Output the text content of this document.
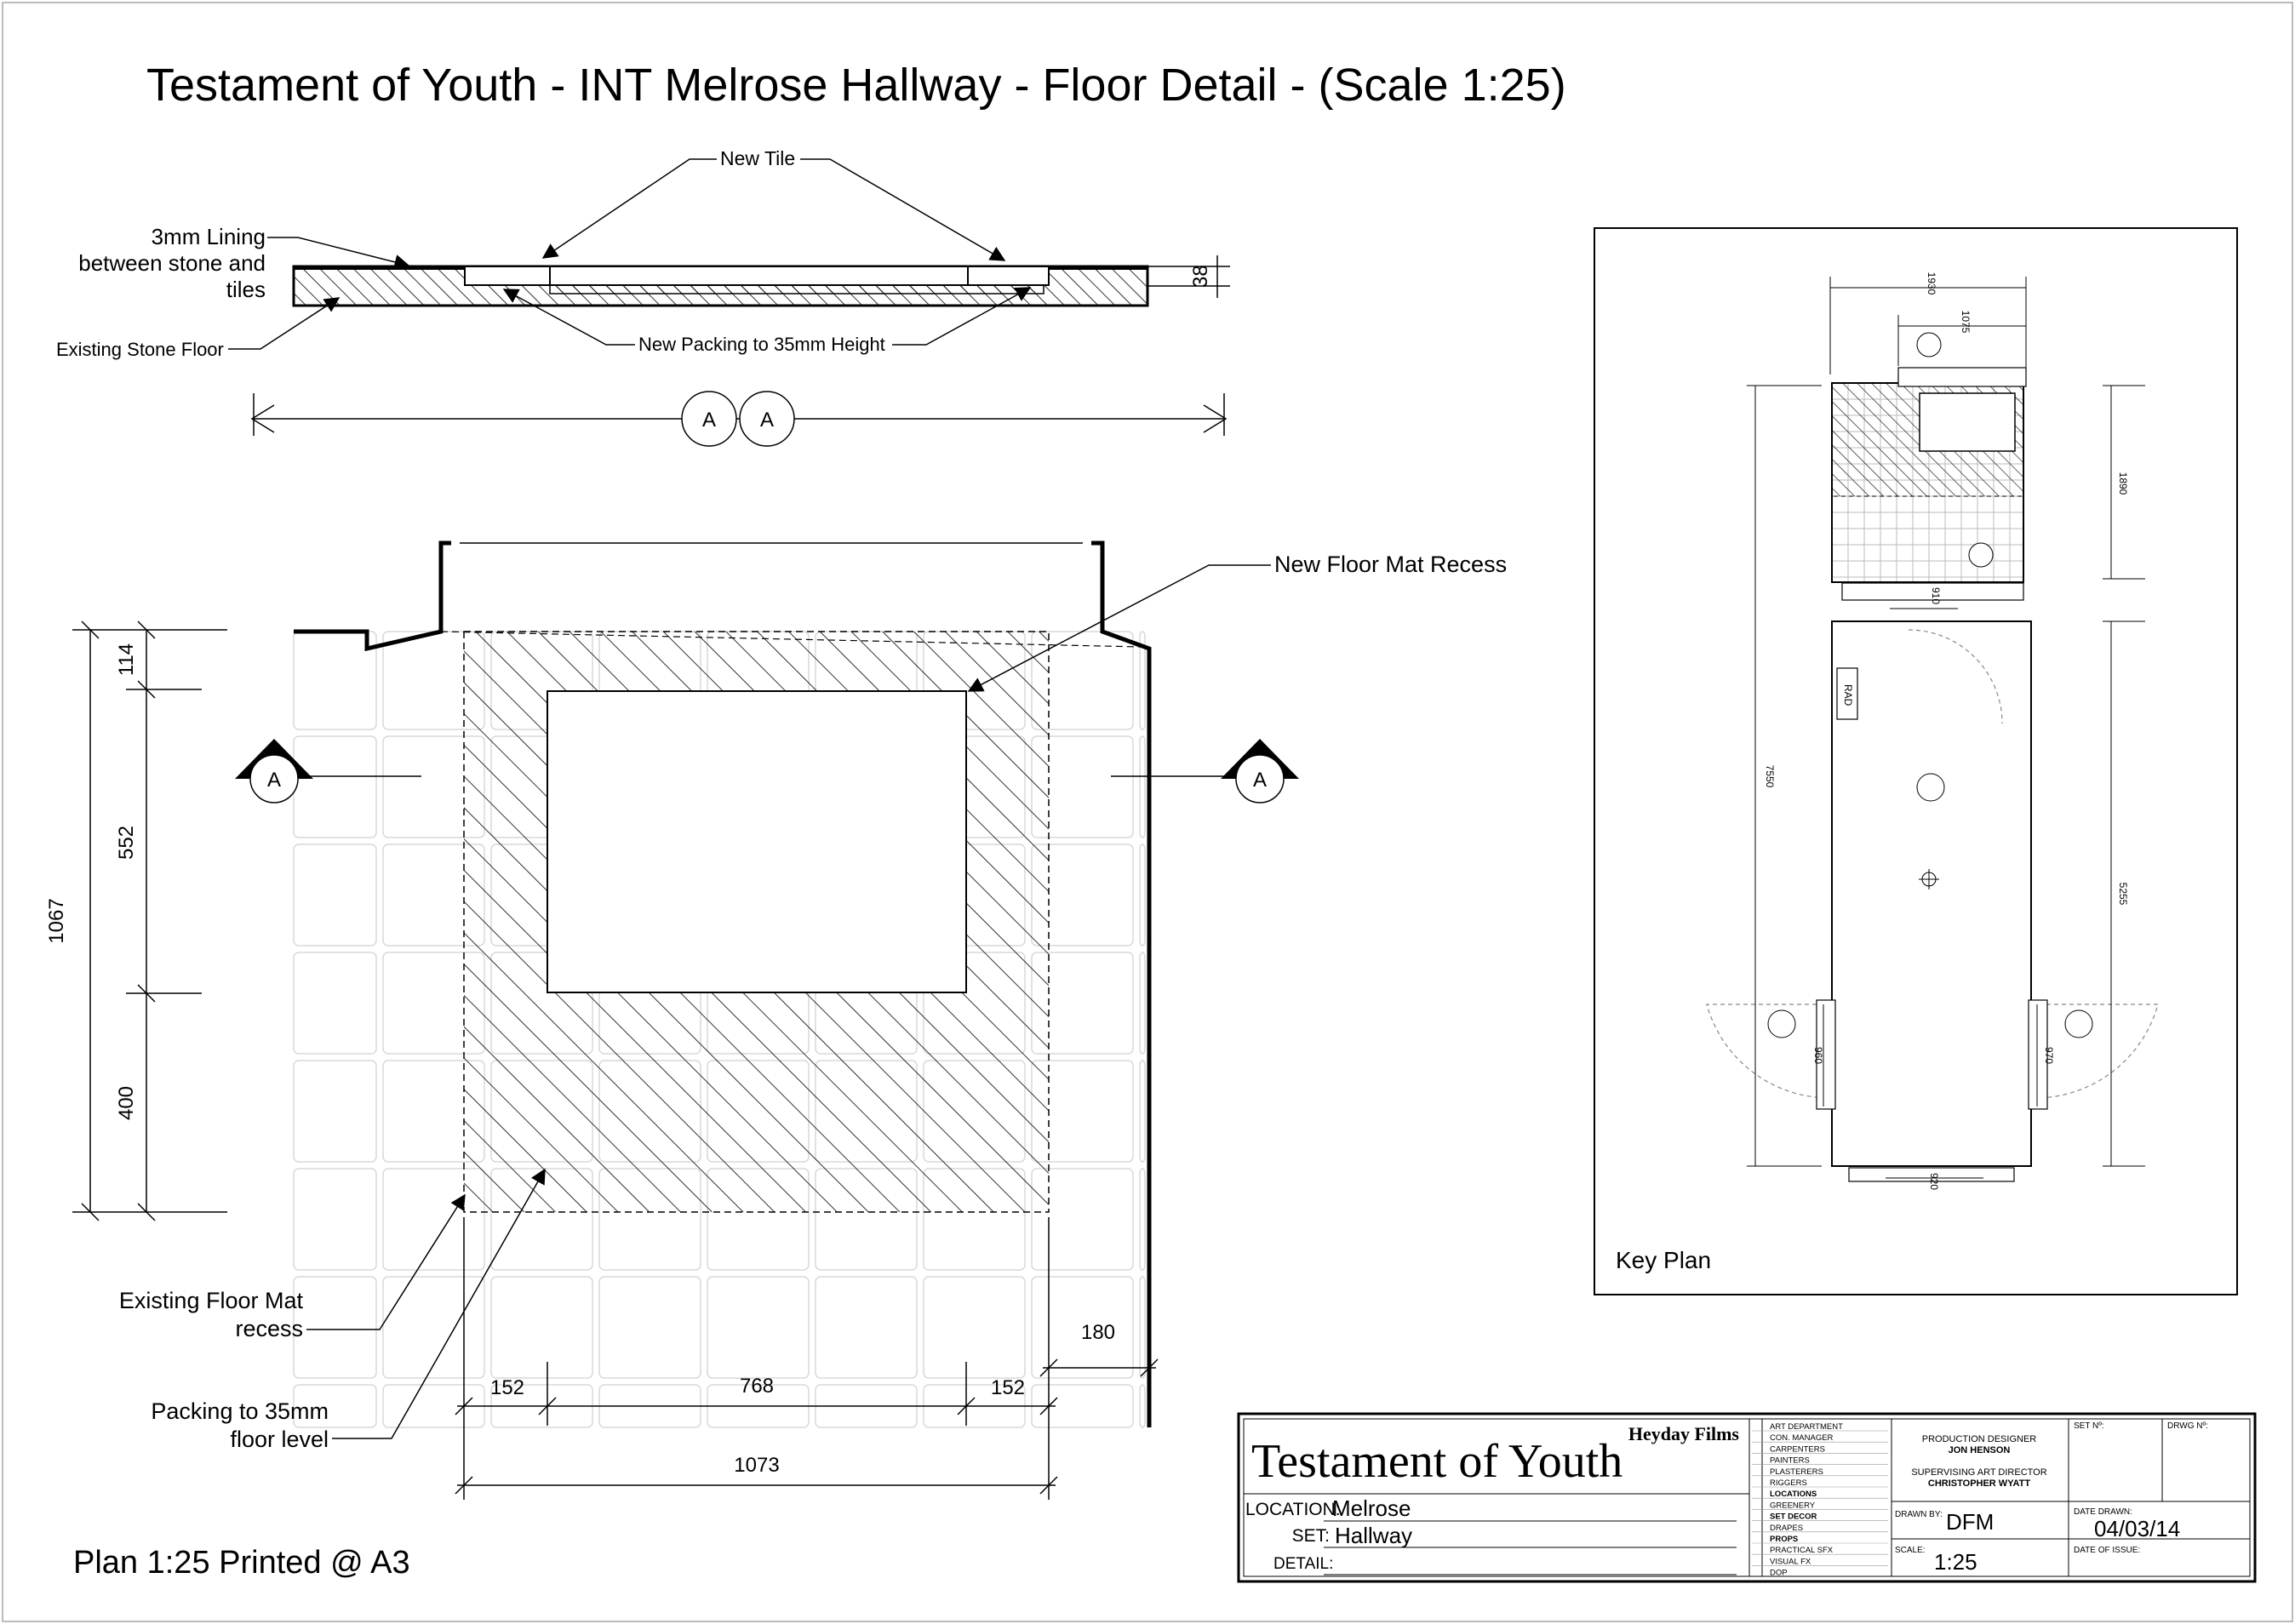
Testament of Youth - INT Melrose Hallway - Floor Detail - (Scale 1:25)
38
New Tile
3mm Lining
between stone and
tiles
Existing Stone Floor	New Packing to 35mm Height
A A
A	A
New Floor Mat Recess
Existing Floor Mat
recess
Packing to 35mm
floor level
1067
114
552
400
152	768	152
1073
180
Plan 1:25 Printed @ A3
Key Plan
RAD
1930
1075
1890
7550
5255
960	970
920
910
Heyday Films
Testament of Youth
LOCATION:
Melrose
SET: Hallway
DETAIL:
ART DEPARTMENT
CON. MANAGER
CARPENTERS
PAINTERS
PLASTERERS
RIGGERS
LOCATIONS
GREENERY
SET DECOR
DRAPES
PROPS
PRACTICAL SFX
VISUAL FX
DOP
PRODUCTION DESIGNER
JON HENSON
SUPERVISING ART DIRECTOR
CHRISTOPHER WYATT
DRAWN BY: DFM
SCALE: 1:25
DATE DRAWN:
04/03/14
DATE OF ISSUE:
SET Nº:	DRWG Nº:
